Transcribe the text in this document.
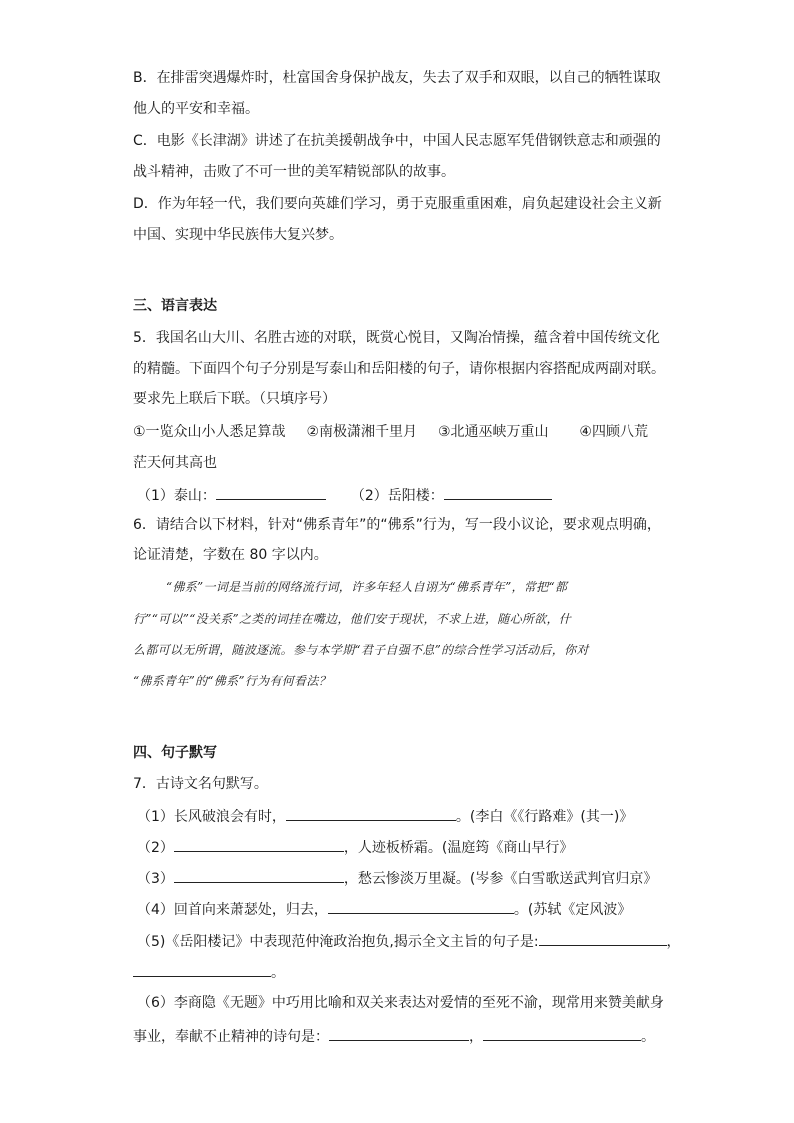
B．在排雷突遇爆炸时，杜富国舍身保护战友，失去了双手和双眼，以自己的牺牲谋取
他人的平安和幸福。
C．电影《长津湖》讲述了在抗美援朝战争中，中国人民志愿军凭借钢铁意志和顽强的
战斗精神，击败了不可一世的美军精锐部队的故事。
D．作为年轻一代，我们要向英雄们学习，勇于克服重重困难，肩负起建设社会主义新
中国、实现中华民族伟大复兴梦。
三、语言表达
5．我国名山大川、名胜古迹的对联，既赏心悦目，又陶冶情操，蕴含着中国传统文化
的精髓。下面四个句子分别是写泰山和岳阳楼的句子，请你根据内容搭配成两副对联。
要求先上联后下联。（只填序号）
①一览众山小人悉足算哉 ②南极潇湘千里月 ③北通巫峡万重山 ④四顾八荒
茫天何其高也
（1）泰山：	（2）岳阳楼：
6．请结合以下材料，针对“佛系青年”的“佛系”行为，写一段小议论，要求观点明确，
论证清楚，字数在 80 字以内。
“佛系”一词是当前的网络流行词，许多年轻人自诩为“佛系青年”，常把“都
行”“可以”“没关系”之类的词挂在嘴边，他们安于现状，不求上进，随心所欲，什
么都可以无所谓，随波逐流。参与本学期“君子自强不息”的综合性学习活动后，你对
“佛系青年”的“佛系”行为有何看法？
四、句子默写
7．古诗文名句默写。
（1）长风破浪会有时，	。(李白《《行路难》(其一)》
（2）	，人迹板桥霜。(温庭筠《商山早行》
（3）	，愁云惨淡万里凝。(岑参《白雪歌送武判官归京》
（4）回首向来萧瑟处，归去，	。(苏轼《定风波》
（5)《岳阳楼记》中表现范仲淹政治抱负,揭示全文主旨的句子是:	，
。
（6）李商隐《无题》中巧用比喻和双关来表达对爱情的至死不渝，现常用来赞美献身
事业，奉献不止精神的诗句是：	，	。
